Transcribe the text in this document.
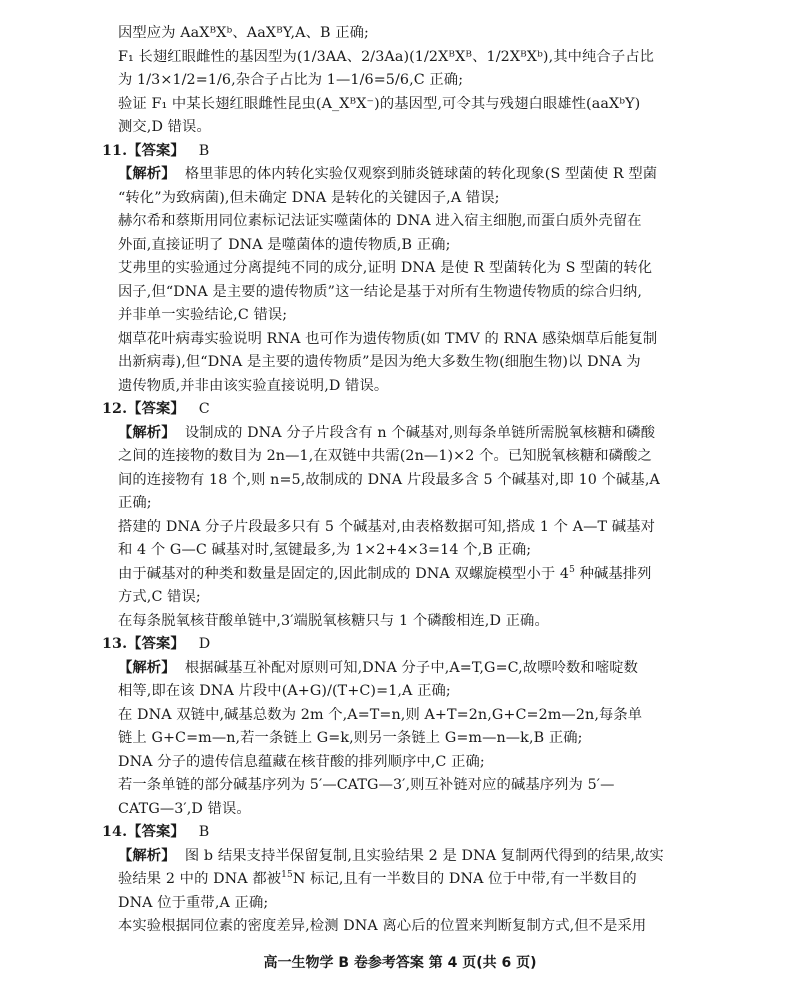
因型应为 AaXᴮXᵇ、AaXᴮY,A、B 正确;
F₁ 长翅红眼雌性的基因型为(1/3AA、2/3Aa)(1/2XᴮXᴮ、1/2XᴮXᵇ),其中纯合子占比
为 1/3×1/2=1/6,杂合子占比为 1—1/6=5/6,C 正确;
验证 F₁ 中某长翅红眼雌性昆虫(A_XᴮX⁻)的基因型,可令其与残翅白眼雄性(aaXᵇY)
测交,D 错误。
11.【答案】 B
【解析】 格里菲思的体内转化实验仅观察到肺炎链球菌的转化现象(S 型菌使 R 型菌
“转化”为致病菌),但未确定 DNA 是转化的关键因子,A 错误;
赫尔希和蔡斯用同位素标记法证实噬菌体的 DNA 进入宿主细胞,而蛋白质外壳留在
外面,直接证明了 DNA 是噬菌体的遗传物质,B 正确;
艾弗里的实验通过分离提纯不同的成分,证明 DNA 是使 R 型菌转化为 S 型菌的转化
因子,但“DNA 是主要的遗传物质”这一结论是基于对所有生物遗传物质的综合归纳,
并非单一实验结论,C 错误;
烟草花叶病毒实验说明 RNA 也可作为遗传物质(如 TMV 的 RNA 感染烟草后能复制
出新病毒),但“DNA 是主要的遗传物质”是因为绝大多数生物(细胞生物)以 DNA 为
遗传物质,并非由该实验直接说明,D 错误。
12.【答案】 C
【解析】 设制成的 DNA 分子片段含有 n 个碱基对,则每条单链所需脱氧核糖和磷酸
之间的连接物的数目为 2n—1,在双链中共需(2n—1)×2 个。已知脱氧核糖和磷酸之
间的连接物有 18 个,则 n=5,故制成的 DNA 片段最多含 5 个碱基对,即 10 个碱基,A
正确;
搭建的 DNA 分子片段最多只有 5 个碱基对,由表格数据可知,搭成 1 个 A—T 碱基对
和 4 个 G—C 碱基对时,氢键最多,为 1×2+4×3=14 个,B 正确;
由于碱基对的种类和数量是固定的,因此制成的 DNA 双螺旋模型小于 $4^5$ 种碱基排列
方式,C 错误;
在每条脱氧核苷酸单链中,3′端脱氧核糖只与 1 个磷酸相连,D 正确。
13.【答案】 D
【解析】 根据碱基互补配对原则可知,DNA 分子中,A=T,G=C,故嘌呤数和嘧啶数
相等,即在该 DNA 片段中(A+G)/(T+C)=1,A 正确;
在 DNA 双链中,碱基总数为 2m 个,A=T=n,则 A+T=2n,G+C=2m—2n,每条单
链上 G+C=m—n,若一条链上 G=k,则另一条链上 G=m—n—k,B 正确;
DNA 分子的遗传信息蕴藏在核苷酸的排列顺序中,C 正确;
若一条单链的部分碱基序列为 5′—CATG—3′,则互补链对应的碱基序列为 5′—
CATG—3′,D 错误。
14.【答案】 B
【解析】 图 b 结果支持半保留复制,且实验结果 2 是 DNA 复制两代得到的结果,故实
验结果 2 中的 DNA 都被$^{15}$N 标记,且有一半数目的 DNA 位于中带,有一半数目的
DNA 位于重带,A 正确;
本实验根据同位素的密度差异,检测 DNA 离心后的位置来判断复制方式,但不是采用
高一生物学 B 卷参考答案 第 4 页(共 6 页)
